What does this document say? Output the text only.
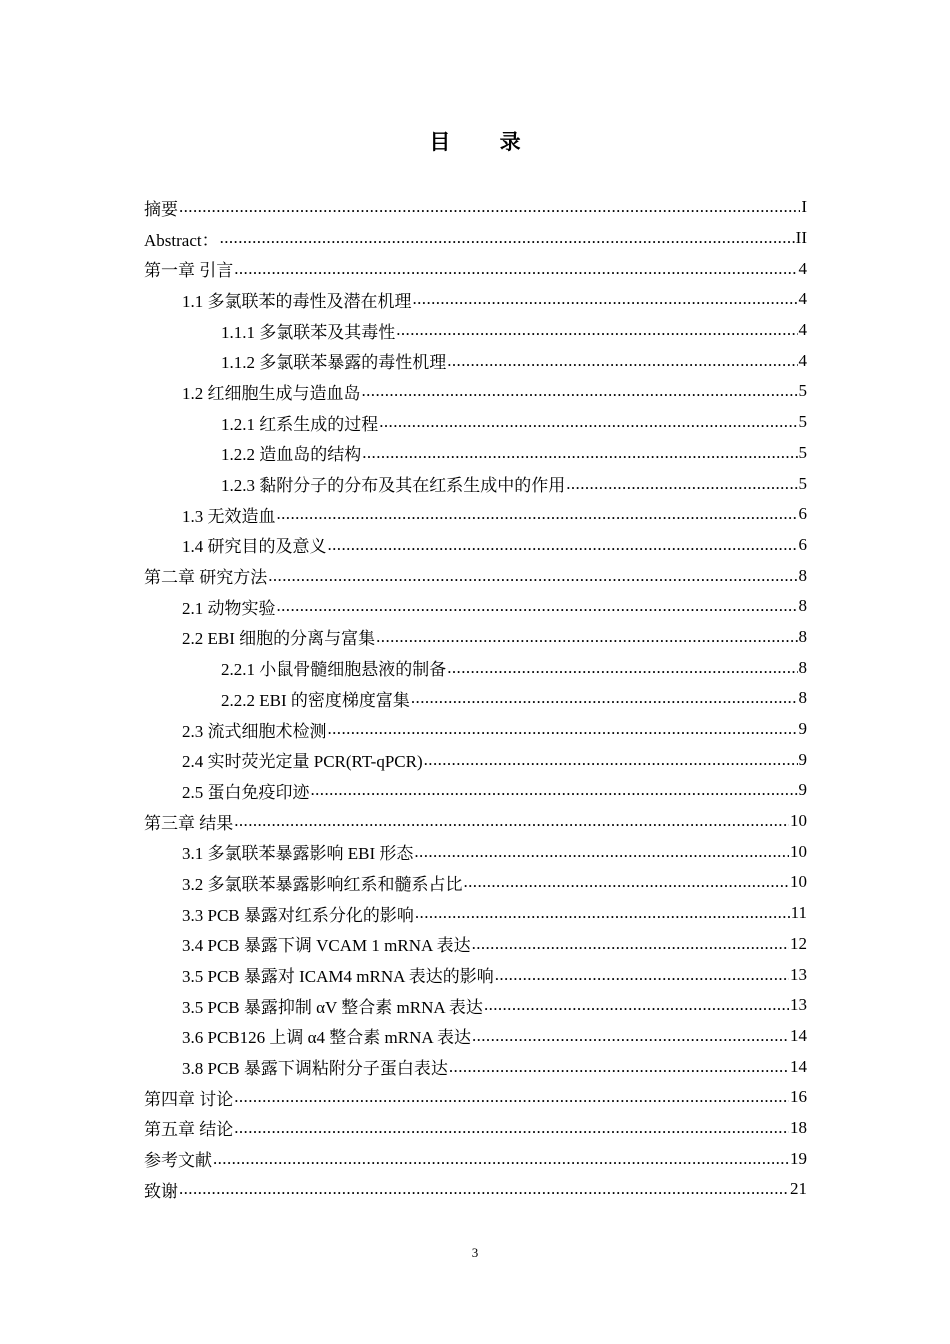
目 录
摘要 .....	I
Abstract： .....	II
第一章 引言 .....	4
1.1 多氯联苯的毒性及潜在机理 .....	4
1.1.1 多氯联苯及其毒性 .....	4
1.1.2 多氯联苯暴露的毒性机理 .....	4
1.2 红细胞生成与造血岛 .....	5
1.2.1 红系生成的过程 .....	5
1.2.2 造血岛的结构 .....	5
1.2.3 黏附分子的分布及其在红系生成中的作用 .....	5
1.3 无效造血 .....	6
1.4 研究目的及意义 .....	6
第二章 研究方法 .....	8
2.1 动物实验 .....	8
2.2 EBI 细胞的分离与富集 .....	8
2.2.1 小鼠骨髓细胞悬液的制备 .....	8
2.2.2 EBI 的密度梯度富集 .....	8
2.3 流式细胞术检测 .....	9
2.4 实时荧光定量 PCR(RT-qPCR) .....	9
2.5 蛋白免疫印迹 .....	9
第三章 结果 .....	10
3.1 多氯联苯暴露影响 EBI 形态 .....	10
3.2 多氯联苯暴露影响红系和髓系占比 .....	10
3.3 PCB 暴露对红系分化的影响 .....	11
3.4 PCB 暴露下调 VCAM 1 mRNA 表达 .....	12
3.5 PCB 暴露对 ICAM4 mRNA 表达的影响 .....	13
3.5 PCB 暴露抑制 αV 整合素 mRNA 表达 .....	13
3.6 PCB126 上调 α4 整合素 mRNA 表达 .....	14
3.8 PCB 暴露下调粘附分子蛋白表达 .....	14
第四章 讨论 .....	16
第五章 结论 .....	18
参考文献 .....	19
致谢 .....	21
3
